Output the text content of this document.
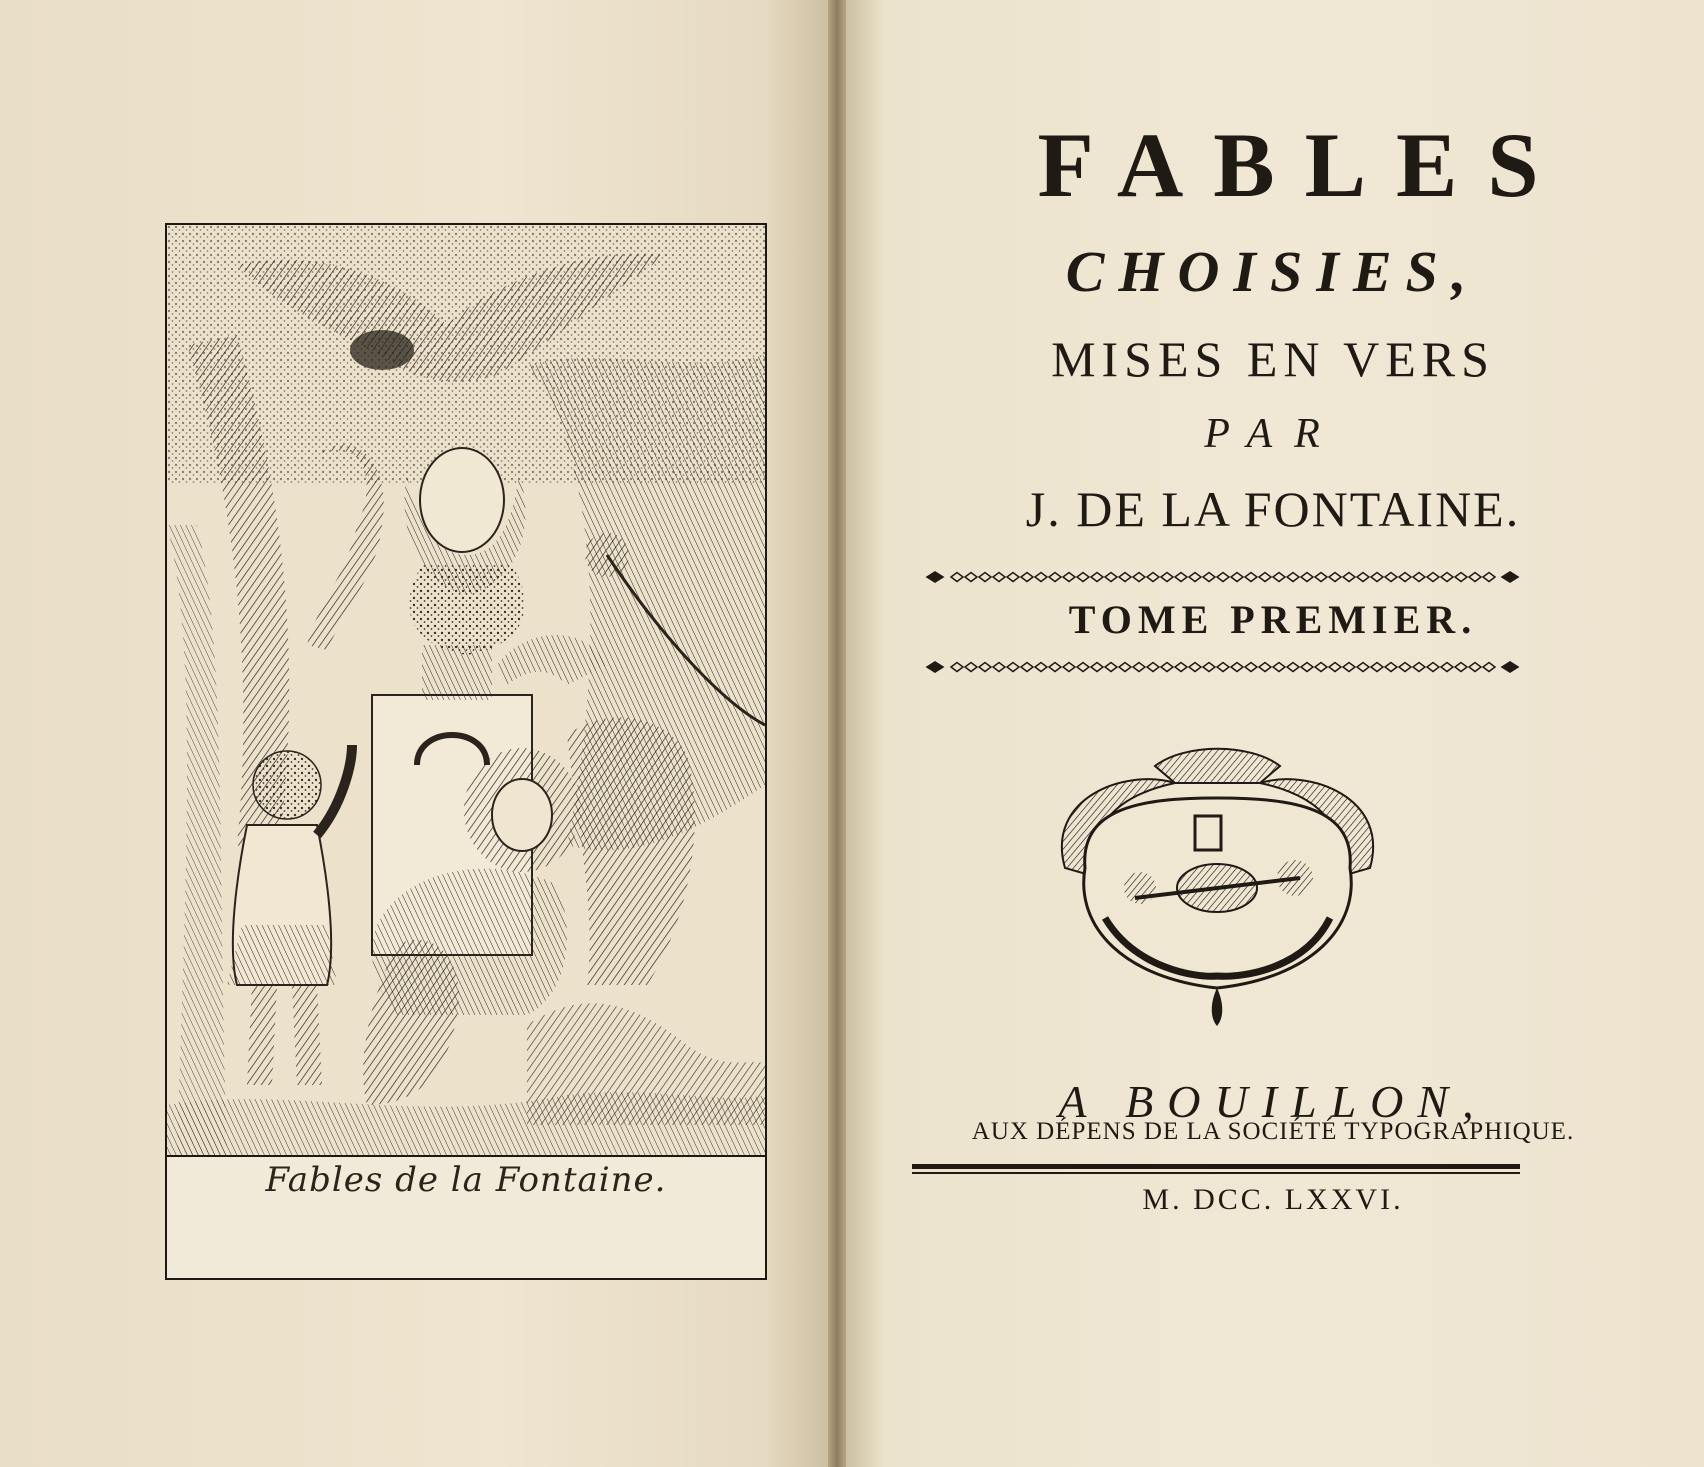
Fables de la Fontaine.
FABLES
CHOISIES,
MISES EN VERS
PAR
J. DE LA FONTAINE.
TOME PREMIER.
A BOUILLON,
AUX DÉPENS DE LA SOCIÉTÉ TYPOGRAPHIQUE.
M. DCC. LXXVI.
